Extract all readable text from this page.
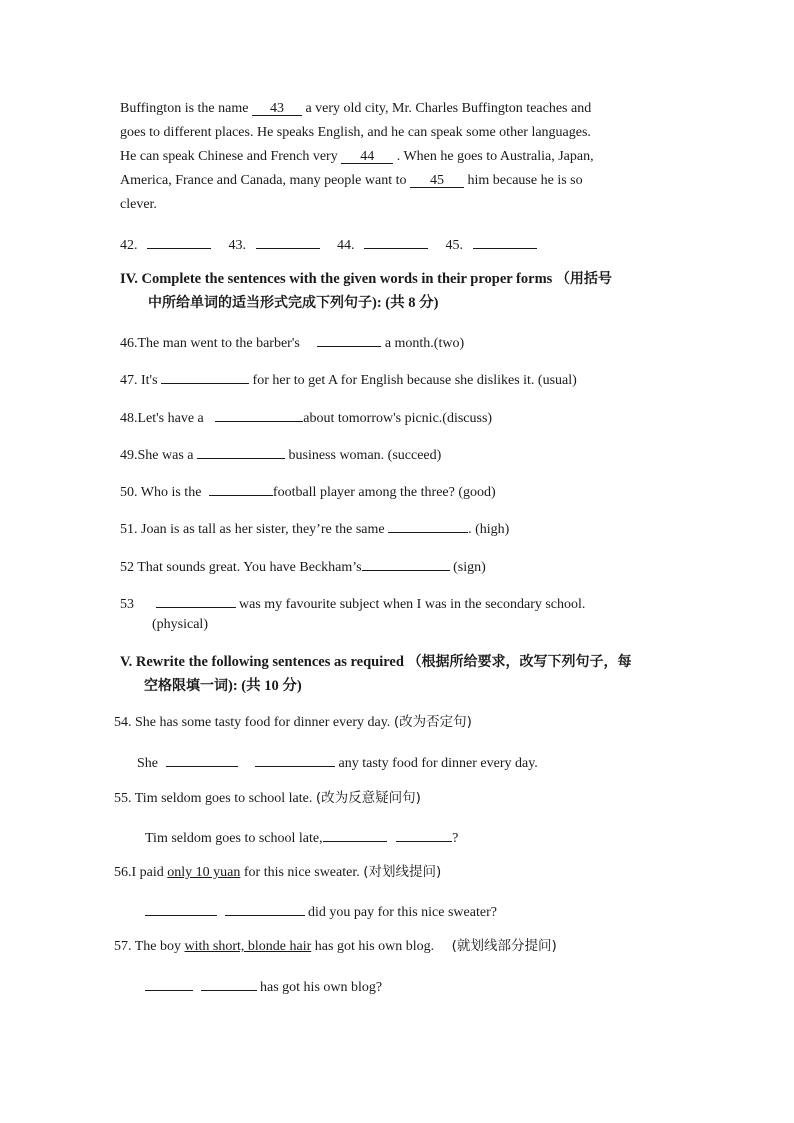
Buffington is the name 43 a very old city, Mr. Charles Buffington teaches and
goes to different places. He speaks English, and he can speak some other languages.
He can speak Chinese and French very 44 . When he goes to Australia, Japan,
America, France and Canada, many people want to 45 him because he is so
clever.
42.	43.	44.	45.
IV. Complete the sentences with the given words in their proper forms （用括号
中所给单词的适当形式完成下列句子): (共 8 分)
46.The man went to the barber's	a month.(two)
47. It's	for her to get A for English because she dislikes it. (usual)
48.Let's have a	about tomorrow's picnic.(discuss)
49.She was a	business woman. (succeed)
50. Who is the	football player among the three? (good)
51. Joan is as tall as her sister, they’re the same	. (high)
52 That sounds great. You have Beckham’s	(sign)
53	was my favourite subject when I was in the secondary school.
(physical)
V. Rewrite the following sentences as required （根据所给要求，改写下列句子，每
空格限填一词): (共 10 分)
54. She has some tasty food for dinner every day. (改为否定句)
She	any tasty food for dinner every day.
55. Tim seldom goes to school late. (改为反意疑问句)
Tim seldom goes to school late,	?
56.I paid only 10 yuan for this nice sweater. (对划线提问)
did you pay for this nice sweater?
57. The boy with short, blonde hair has got his own blog. (就划线部分提问)
has got his own blog?
